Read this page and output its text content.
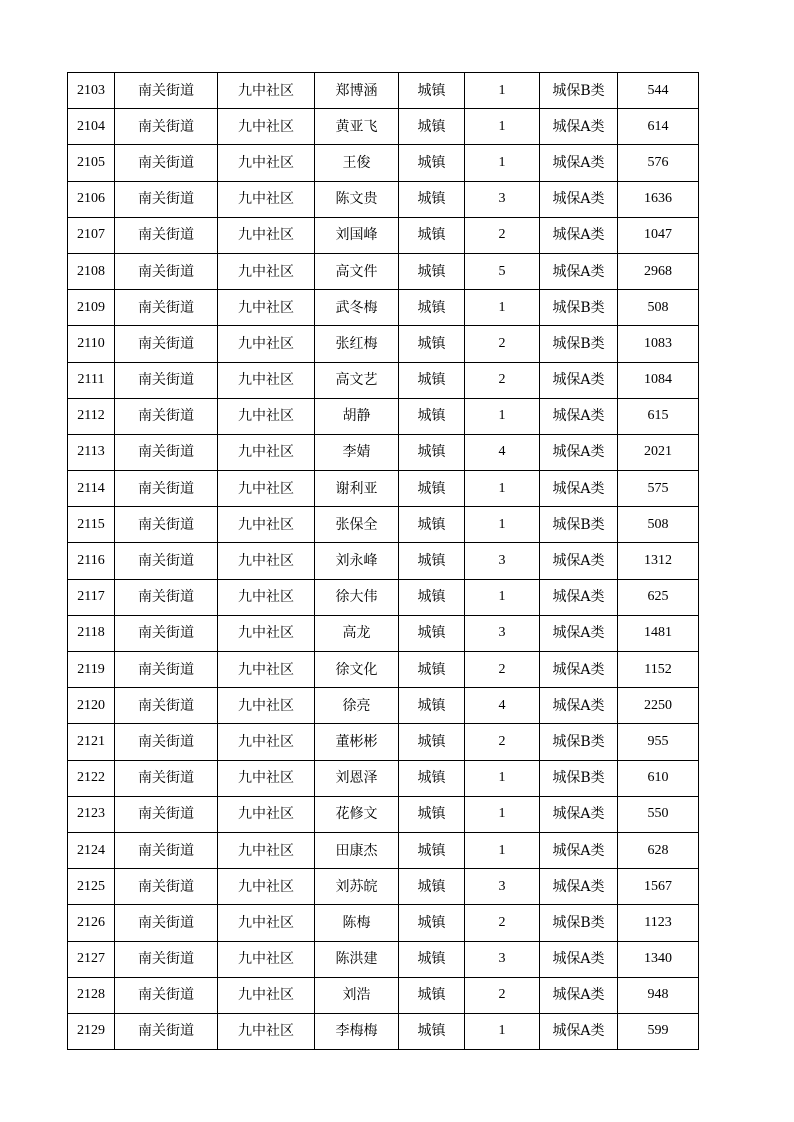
2103	南关街道	九中社区	郑博涵	城镇	1	城保B类	544
2104	南关街道	九中社区	黄亚飞	城镇	1	城保A类	614
2105	南关街道	九中社区	王俊	城镇	1	城保A类	576
2106	南关街道	九中社区	陈文贵	城镇	3	城保A类	1636
2107	南关街道	九中社区	刘国峰	城镇	2	城保A类	1047
2108	南关街道	九中社区	高文件	城镇	5	城保A类	2968
2109	南关街道	九中社区	武冬梅	城镇	1	城保B类	508
2110	南关街道	九中社区	张红梅	城镇	2	城保B类	1083
2111	南关街道	九中社区	高文艺	城镇	2	城保A类	1084
2112	南关街道	九中社区	胡静	城镇	1	城保A类	615
2113	南关街道	九中社区	李婧	城镇	4	城保A类	2021
2114	南关街道	九中社区	谢利亚	城镇	1	城保A类	575
2115	南关街道	九中社区	张保全	城镇	1	城保B类	508
2116	南关街道	九中社区	刘永峰	城镇	3	城保A类	1312
2117	南关街道	九中社区	徐大伟	城镇	1	城保A类	625
2118	南关街道	九中社区	高龙	城镇	3	城保A类	1481
2119	南关街道	九中社区	徐文化	城镇	2	城保A类	1152
2120	南关街道	九中社区	徐亮	城镇	4	城保A类	2250
2121	南关街道	九中社区	董彬彬	城镇	2	城保B类	955
2122	南关街道	九中社区	刘恩泽	城镇	1	城保B类	610
2123	南关街道	九中社区	花修文	城镇	1	城保A类	550
2124	南关街道	九中社区	田康杰	城镇	1	城保A类	628
2125	南关街道	九中社区	刘苏皖	城镇	3	城保A类	1567
2126	南关街道	九中社区	陈梅	城镇	2	城保B类	1123
2127	南关街道	九中社区	陈洪建	城镇	3	城保A类	1340
2128	南关街道	九中社区	刘浩	城镇	2	城保A类	948
2129	南关街道	九中社区	李梅梅	城镇	1	城保A类	599
